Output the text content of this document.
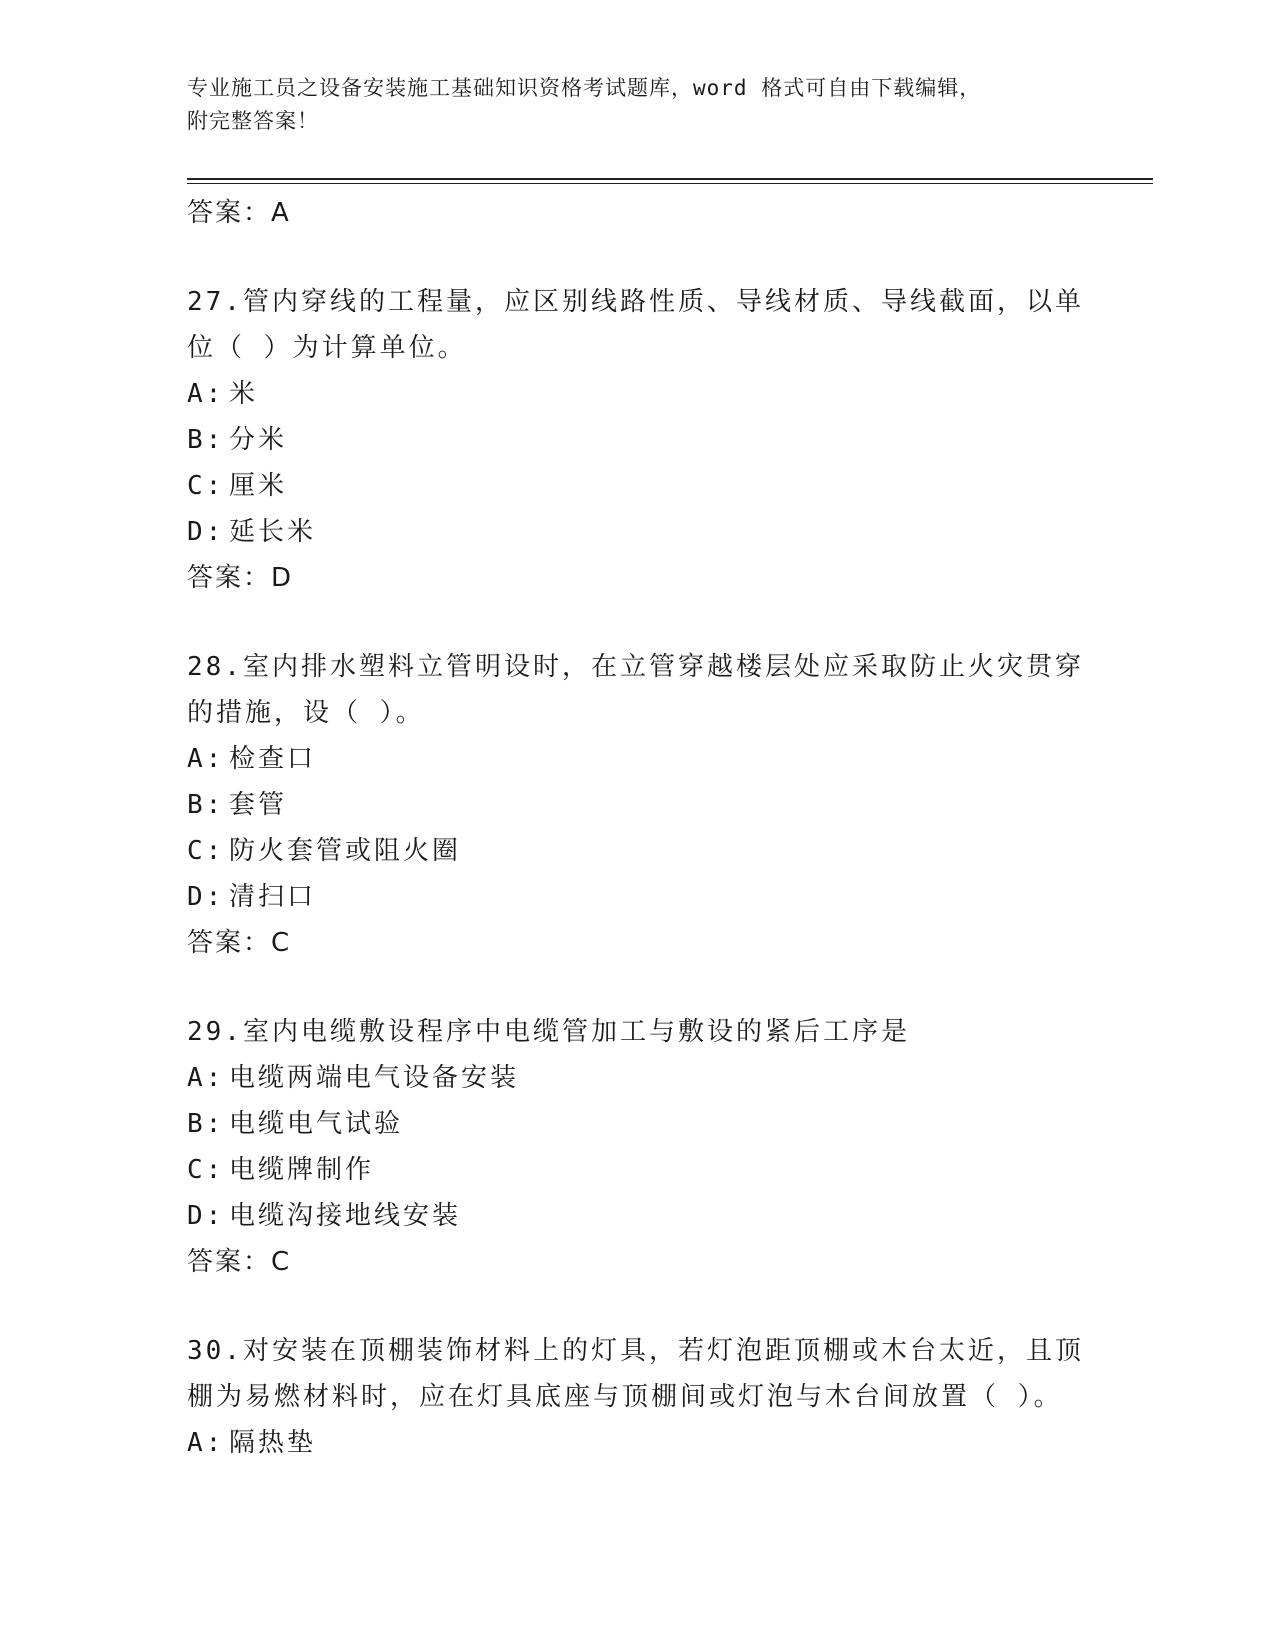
专业施工员之设备安装施工基础知识资格考试题库，word 格式可自由下载编辑，
附完整答案！
答案：A
27.管内穿线的工程量，应区别线路性质、导线材质、导线截面，以单
位（ ）为计算单位。
A: 米
B: 分米
C: 厘米
D: 延长米
答案：D
28.室内排水塑料立管明设时，在立管穿越楼层处应采取防止火灾贯穿
的措施，设（ ）。
A: 检查口
B: 套管
C: 防火套管或阻火圈
D: 清扫口
答案：C
29.室内电缆敷设程序中电缆管加工与敷设的紧后工序是
A: 电缆两端电气设备安装
B: 电缆电气试验
C: 电缆牌制作
D: 电缆沟接地线安装
答案：C
30.对安装在顶棚装饰材料上的灯具，若灯泡距顶棚或木台太近，且顶
棚为易燃材料时，应在灯具底座与顶棚间或灯泡与木台间放置（ ）。
A: 隔热垫
